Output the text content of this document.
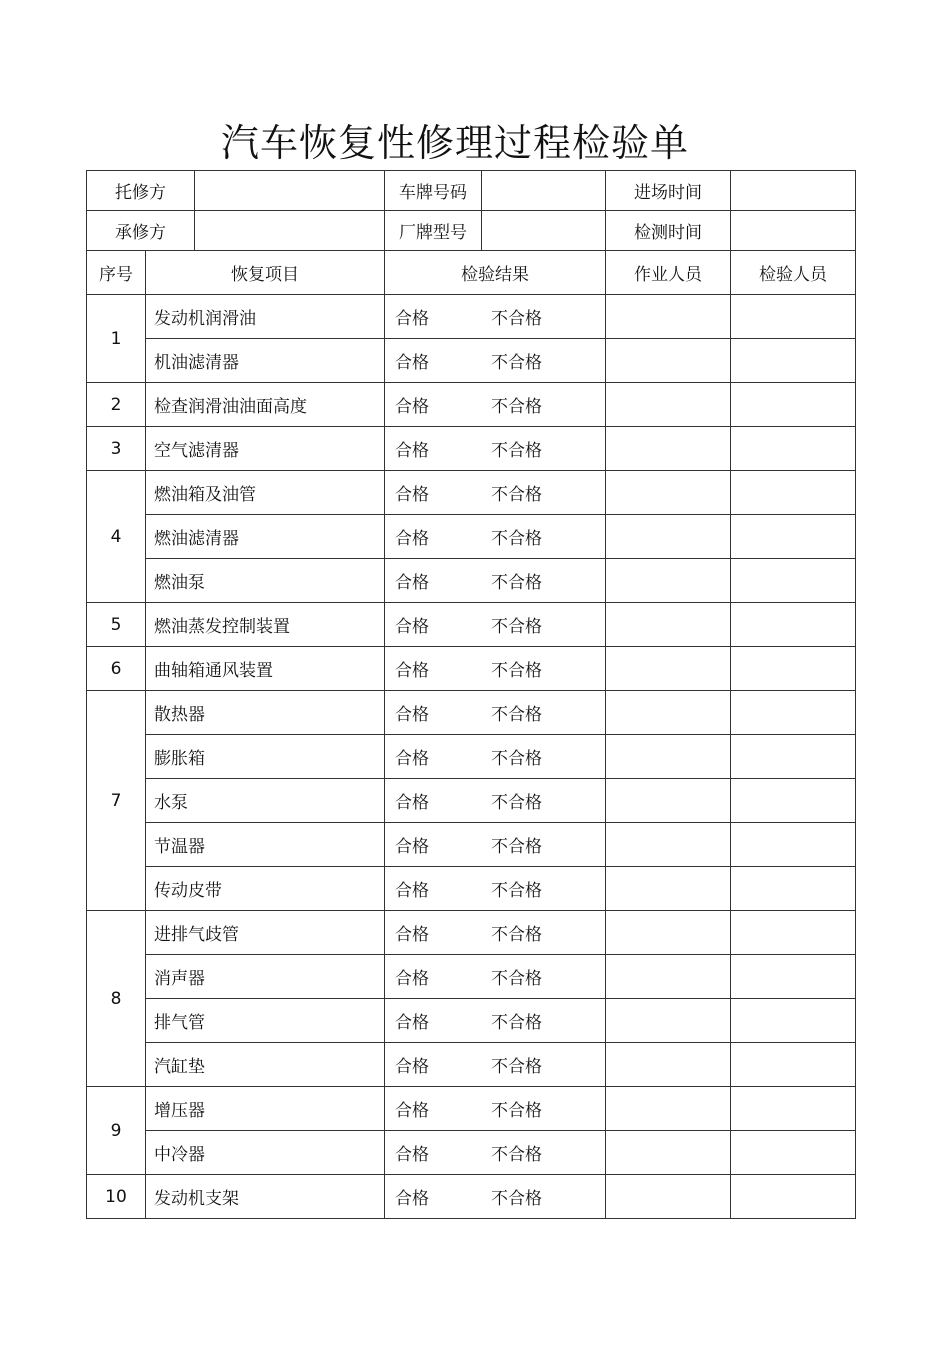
汽车恢复性修理过程检验单
托修方			车牌号码		进场时间	
承修方			厂牌型号		检测时间	
序号	恢复项目		检验结果		作业人员	检验人员
1	发动机润滑油		合格 不合格			
	机油滤清器		合格 不合格			
2	检查润滑油油面高度		合格 不合格			
3	空气滤清器		合格 不合格			
4	燃油箱及油管		合格 不合格			
	燃油滤清器		合格 不合格			
	燃油泵		合格 不合格			
5	燃油蒸发控制装置		合格 不合格			
6	曲轴箱通风装置		合格 不合格			
7	散热器		合格 不合格			
	膨胀箱		合格 不合格			
	水泵		合格 不合格			
	节温器		合格 不合格			
	传动皮带		合格 不合格			
8	进排气歧管		合格 不合格			
	消声器		合格 不合格			
	排气管		合格 不合格			
	汽缸垫		合格 不合格			
9	增压器		合格 不合格			
	中冷器		合格 不合格			
10	发动机支架		合格 不合格			
